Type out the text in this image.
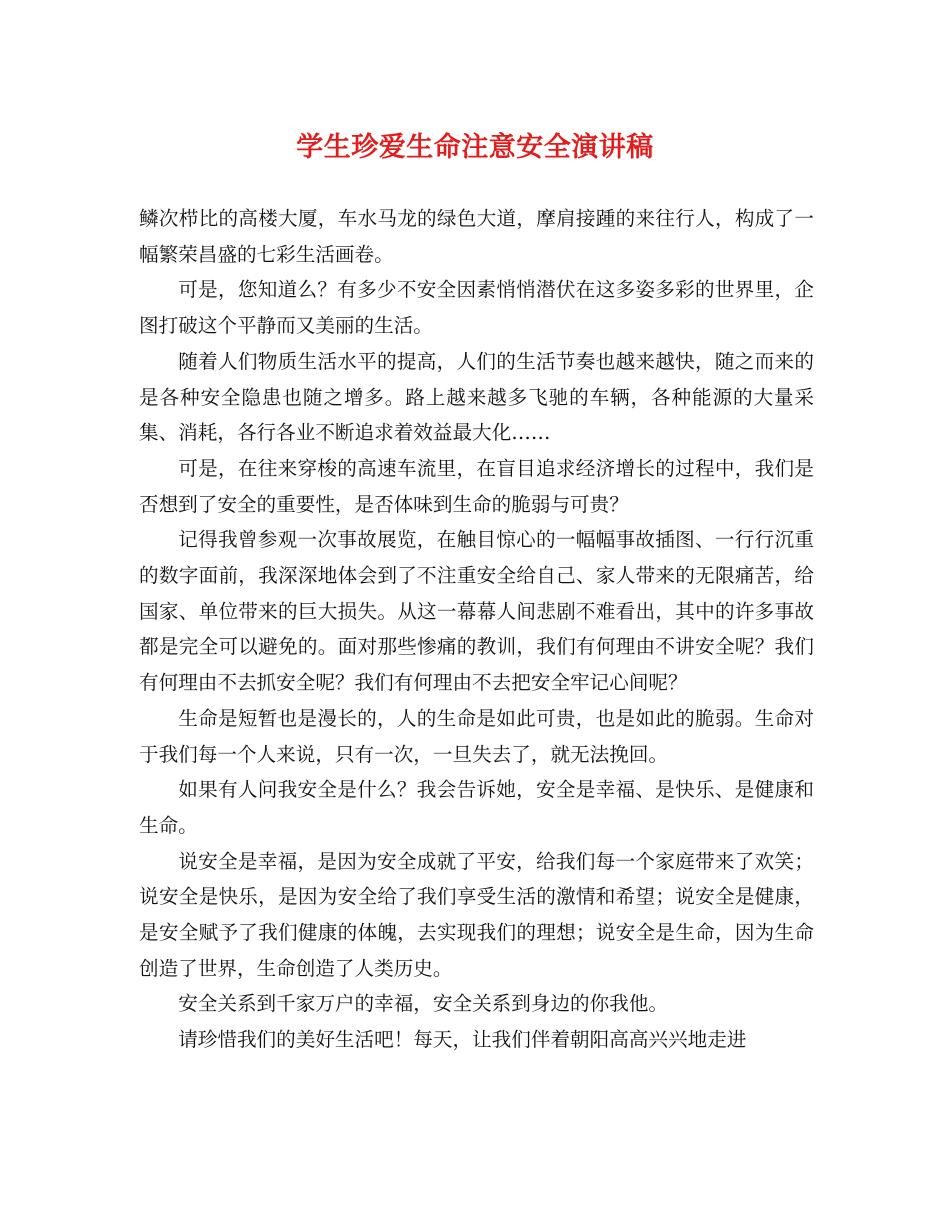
学生珍爱生命注意安全演讲稿

鳞次栉比的高楼大厦，车水马龙的绿色大道，摩肩接踵的来往行人，构成了一幅繁荣昌盛的七彩生活画卷。

可是，您知道么？有多少不安全因素悄悄潜伏在这多姿多彩的世界里，企图打破这个平静而又美丽的生活。

随着人们物质生活水平的提高，人们的生活节奏也越来越快，随之而来的是各种安全隐患也随之增多。路上越来越多飞驰的车辆，各种能源的大量采集、消耗，各行各业不断追求着效益最大化……

可是，在往来穿梭的高速车流里，在盲目追求经济增长的过程中，我们是否想到了安全的重要性，是否体味到生命的脆弱与可贵？

记得我曾参观一次事故展览，在触目惊心的一幅幅事故插图、一行行沉重的数字面前，我深深地体会到了不注重安全给自己、家人带来的无限痛苦，给国家、单位带来的巨大损失。从这一幕幕人间悲剧不难看出，其中的许多事故都是完全可以避免的。面对那些惨痛的教训，我们有何理由不讲安全呢？我们有何理由不去抓安全呢？我们有何理由不去把安全牢记心间呢？

生命是短暂也是漫长的，人的生命是如此可贵，也是如此的脆弱。生命对于我们每一个人来说，只有一次，一旦失去了，就无法挽回。

如果有人问我安全是什么？我会告诉她，安全是幸福、是快乐、是健康和生命。

说安全是幸福，是因为安全成就了平安，给我们每一个家庭带来了欢笑；说安全是快乐，是因为安全给了我们享受生活的激情和希望；说安全是健康，是安全赋予了我们健康的体魄，去实现我们的理想；说安全是生命，因为生命创造了世界，生命创造了人类历史。

安全关系到千家万户的幸福，安全关系到身边的你我他。

请珍惜我们的美好生活吧！每天，让我们伴着朝阳高高兴兴地走进
